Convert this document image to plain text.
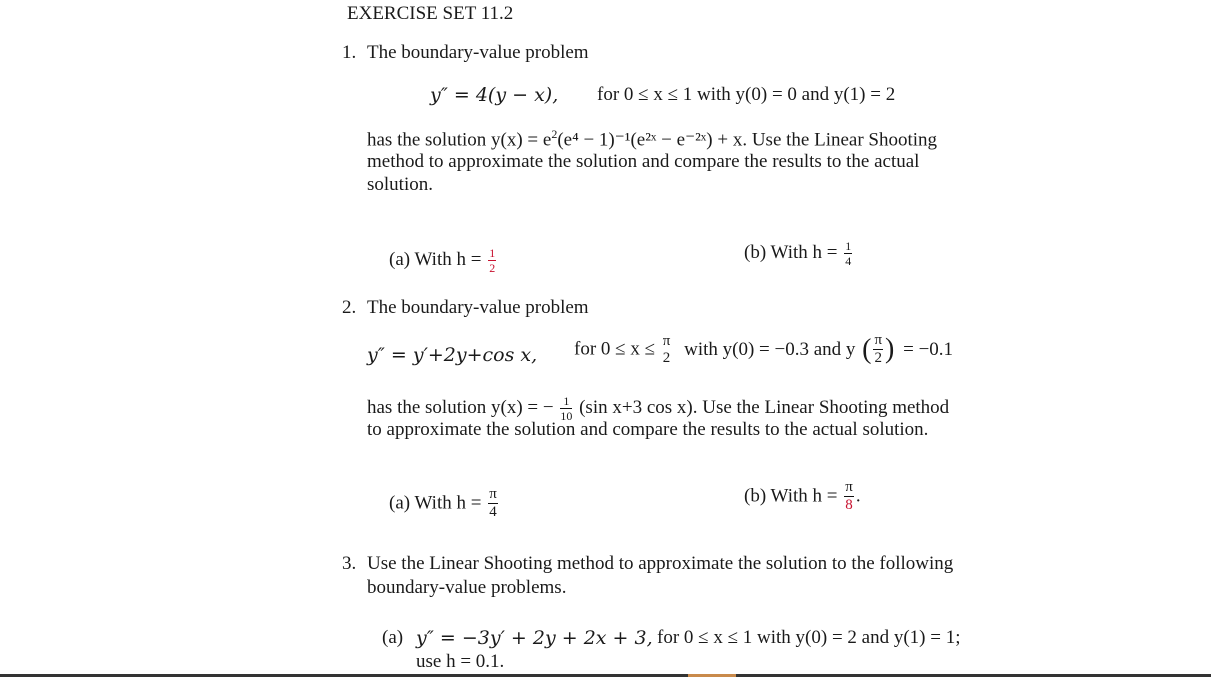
EXERCISE SET 11.2
1. The boundary-value problem
y″ = 4(y − x), for 0 ≤ x ≤ 1 with y(0) = 0 and y(1) = 2
has the solution $y(x) = e^2(e^4$ − 1)⁻¹(e²ˣ − e⁻²ˣ) + x. Use the Linear Shooting
method to approximate the solution and compare the results to the actual
solution.
(a) With $h = \frac{1}{2}$	(b) With $h = \frac{1}{4}$
2. The boundary-value problem
y″ = y′+2y+cos x, for 0 ≤ x ≤ π
2 with y(0) = −0.3 and y ( $\frac{\pi}{2}$ ) = −0.1
has the solution y(x) = − $\frac{1}{10} (\sin$ x+3 cos x). Use the Linear Shooting method
to approximate the solution and compare the results to the actual solution.
(a) With $h = \frac{\pi}{4}$	(b) With $h = \frac{\pi}{8}$ .
3. Use the Linear Shooting method to approximate the solution to the following
boundary-value problems.
(a) y″ = −3y′ + 2y + 2x + 3, for 0 ≤ x ≤ 1 with y(0) = 2 and y(1) = 1;
use h = 0.1.
